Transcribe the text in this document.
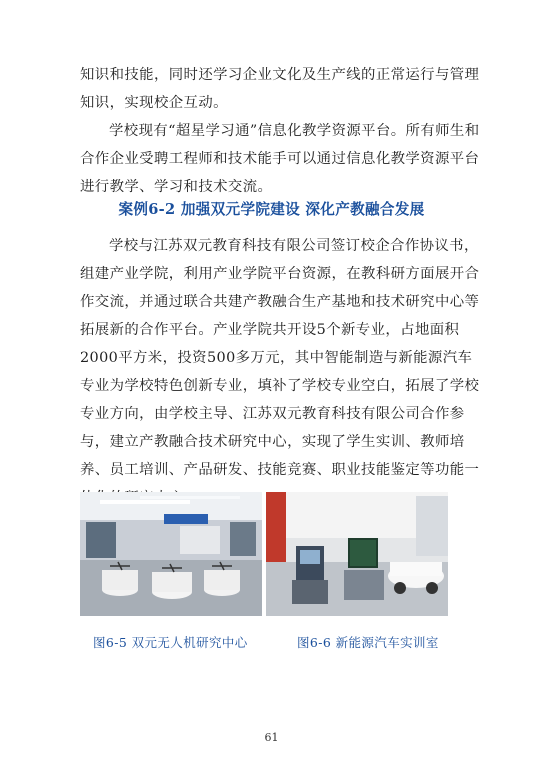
知识和技能，同时还学习企业文化及生产线的正常运行与管理知识，实现校企互动。

学校现有“超星学习通”信息化教学资源平台。所有师生和合作企业受聘工程师和技术能手可以通过信息化教学资源平台进行教学、学习和技术交流。

案例6-2 加强双元学院建设 深化产教融合发展

学校与江苏双元教育科技有限公司签订校企合作协议书，组建产业学院，利用产业学院平台资源，在教科研方面展开合作交流，并通过联合共建产教融合生产基地和技术研究中心等拓展新的合作平台。产业学院共开设5个新专业，占地面积2000平方米，投资500多万元，其中智能制造与新能源汽车专业为学校特色创新专业，填补了学校专业空白，拓展了学校专业方向，由学校主导、江苏双元教育科技有限公司合作参与，建立产教融合技术研究中心，实现了学生实训、教师培养、员工培训、产品研发、技能竞赛、职业技能鉴定等功能一

图6-5 双元无人机研究中心	图6-6 新能源汽车实训室
61
